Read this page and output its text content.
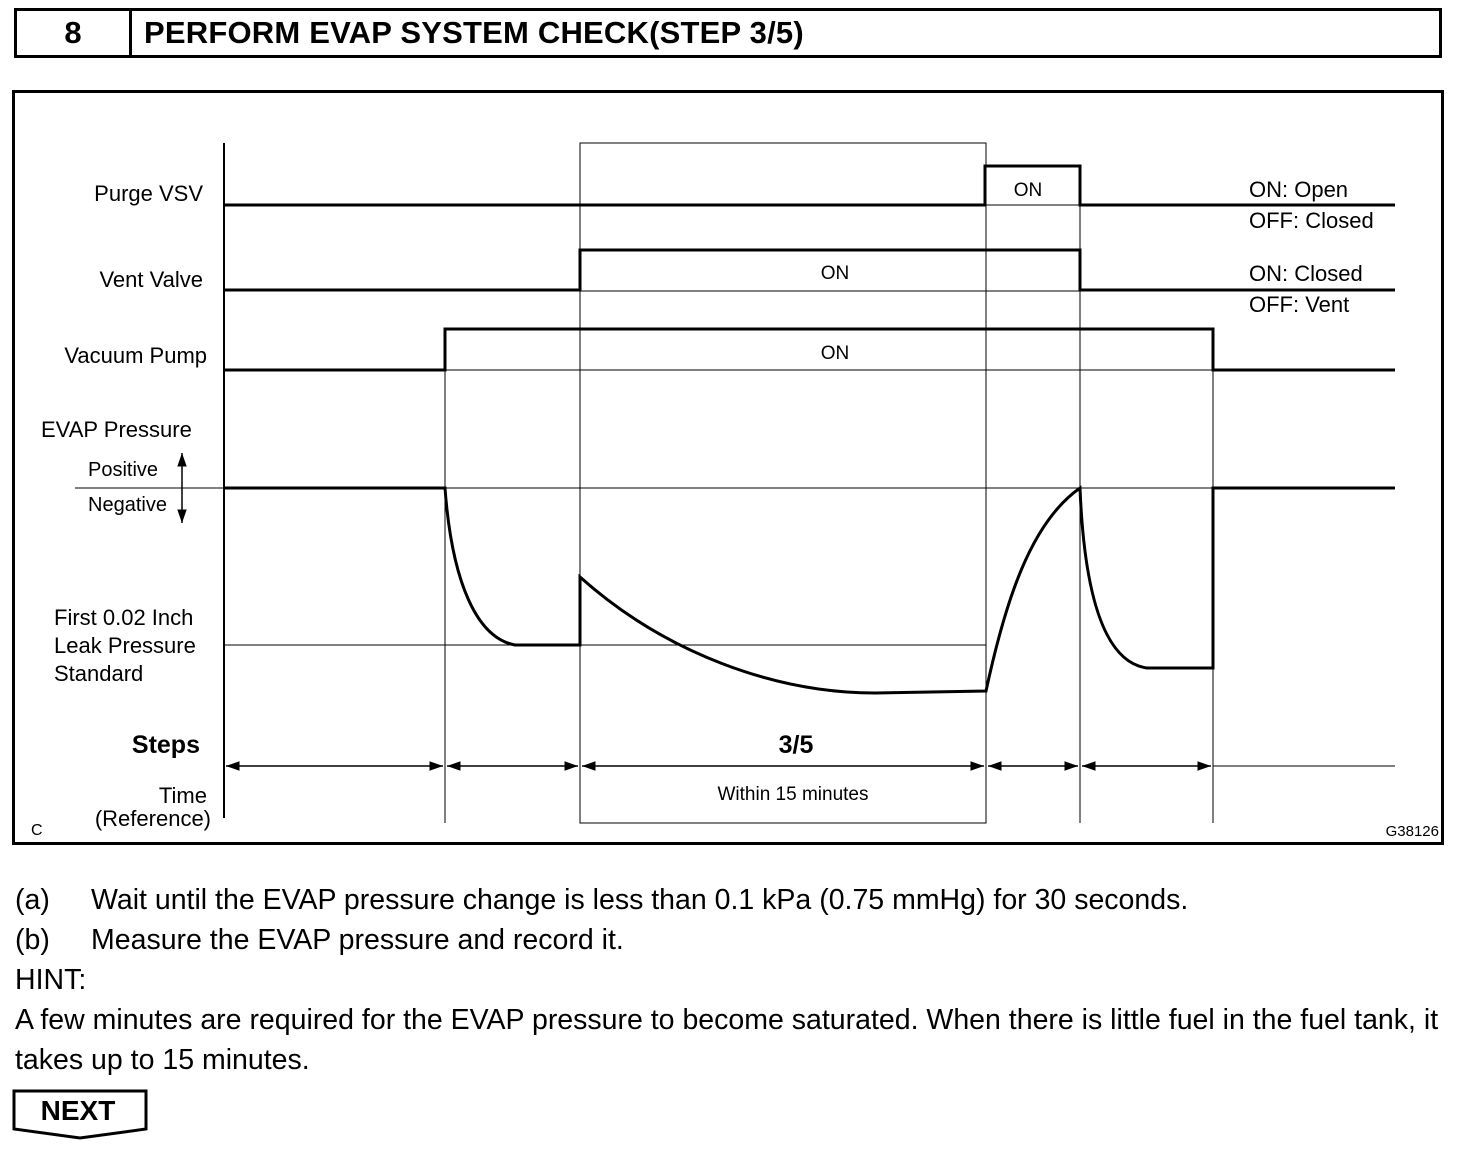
8	PERFORM EVAP SYSTEM CHECK(STEP 3/5)
Purge VSV
Vent Valve
Vacuum Pump
EVAP Pressure
Positive
Negative
First 0.02 Inch
Leak Pressure
Standard
Steps
Time
(Reference)
ON
ON
ON
ON: Open
OFF: Closed
ON: Closed
OFF: Vent
3/5
Within 15 minutes
C	G38126
(a)	Wait until the EVAP pressure change is less than 0.1 kPa (0.75 mmHg) for 30 seconds.
(b)	Measure the EVAP pressure and record it.
HINT:
A few minutes are required for the EVAP pressure to become saturated. When there is little fuel in the fuel tank, it takes up to 15 minutes.
NEXT
